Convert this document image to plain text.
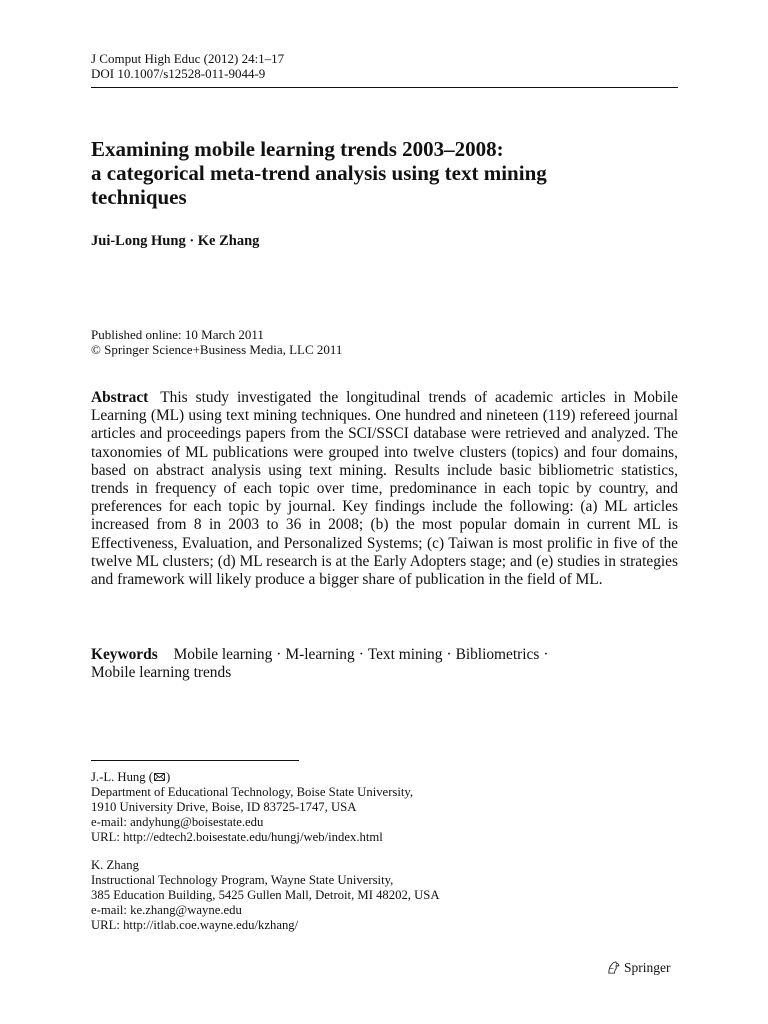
J Comput High Educ (2012) 24:1–17
DOI 10.1007/s12528-011-9044-9
Examining mobile learning trends 2003–2008:
a categorical meta-trend analysis using text mining
techniques
Jui-Long Hung · Ke Zhang
Published online: 10 March 2011
© Springer Science+Business Media, LLC 2011

Abstract This study investigated the longitudinal trends of academic articles in Mobile Learning (ML) using text mining techniques. One hundred and nineteen (119) refereed journal articles and proceedings papers from the SCI/SSCI database were retrieved and analyzed. The taxonomies of ML publications were grouped into twelve clusters (topics) and four domains, based on abstract analysis using text mining. Results include basic bibliometric statistics, trends in frequency of each topic over time, predominance in each topic by country, and preferences for each topic by journal. Key findings include the following: (a) ML articles increased from 8 in 2003 to 36 in 2008; (b) the most popular domain in current ML is Effectiveness, Evaluation, and Personalized Systems; (c) Taiwan is most prolific in five of the twelve ML clusters; (d) ML research is at the Early Adopters stage; and (e) studies in strategies and framework will likely produce a bigger share of publication in the field of ML.

Keywords Mobile learning · M-learning · Text mining · Bibliometrics ·
Mobile learning trends
J.-L. Hung ( )
Department of Educational Technology, Boise State University,
1910 University Drive, Boise, ID 83725-1747, USA
e-mail: andyhung@boisestate.edu
URL: http://edtech2.boisestate.edu/hungj/web/index.html
K. Zhang
Instructional Technology Program, Wayne State University,
385 Education Building, 5425 Gullen Mall, Detroit, MI 48202, USA
e-mail: ke.zhang@wayne.edu
URL: http://itlab.coe.wayne.edu/kzhang/
Springer
